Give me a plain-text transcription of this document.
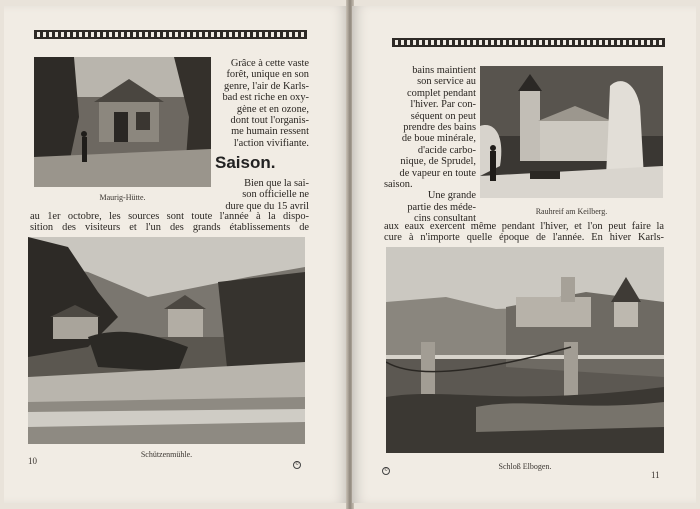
Maurig-Hütte.
Grâce à cette vaste
forêt, unique en son
genre, l'air de Karls-
bad est riche en oxy-
gène et en ozone,
dont tout l'organis-
me humain ressent
l'action vivifiante.
Saison.
Bien que la sai-
son officielle ne
dure que du 15 avril
au 1er octobre, les sources sont toute l'année à la dispo-
sition des visiteurs et l'un des grands établissements de
Schützenmühle.
10	©
bains maintient
son service au
complet pendant
l'hiver. Par con-
séquent on peut
prendre des bains
de boue minérale,
d'acide carbo-
nique, de Sprudel,
de vapeur en toute
saison.
Une grande
partie des méde-
cins consultant
Rauhreif am Keilberg.
aux eaux exercent même pendant l'hiver, et l'on peut faire la
cure à n'importe quelle époque de l'année. En hiver Karls-
Schloß Elbogen.
©	11
